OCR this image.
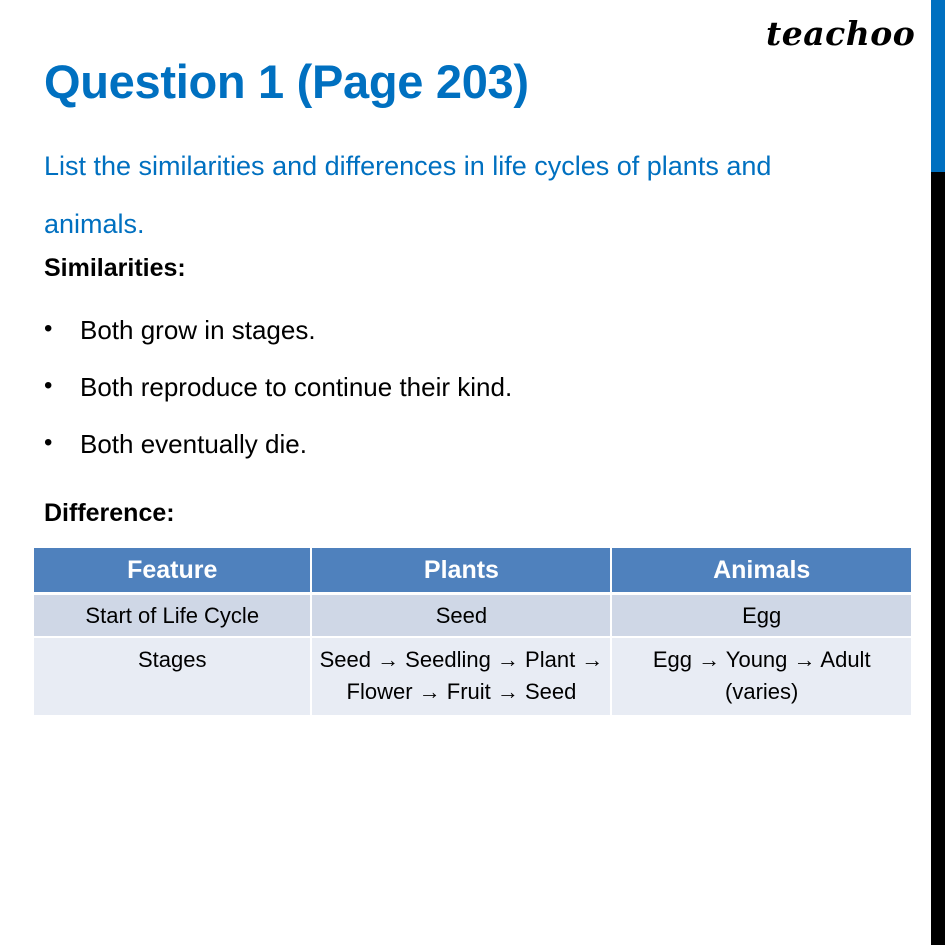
teachoo
Question 1 (Page 203)
List the similarities and differences in life cycles of plants and animals.
Similarities:
• Both grow in stages.
• Both reproduce to continue their kind.
• Both eventually die.
Difference:
Feature	Plants	Animals
Start of Life Cycle	Seed	Egg
Stages	Seed → Seedling → Plant → Flower → Fruit → Seed	Egg → Young → Adult (varies)
